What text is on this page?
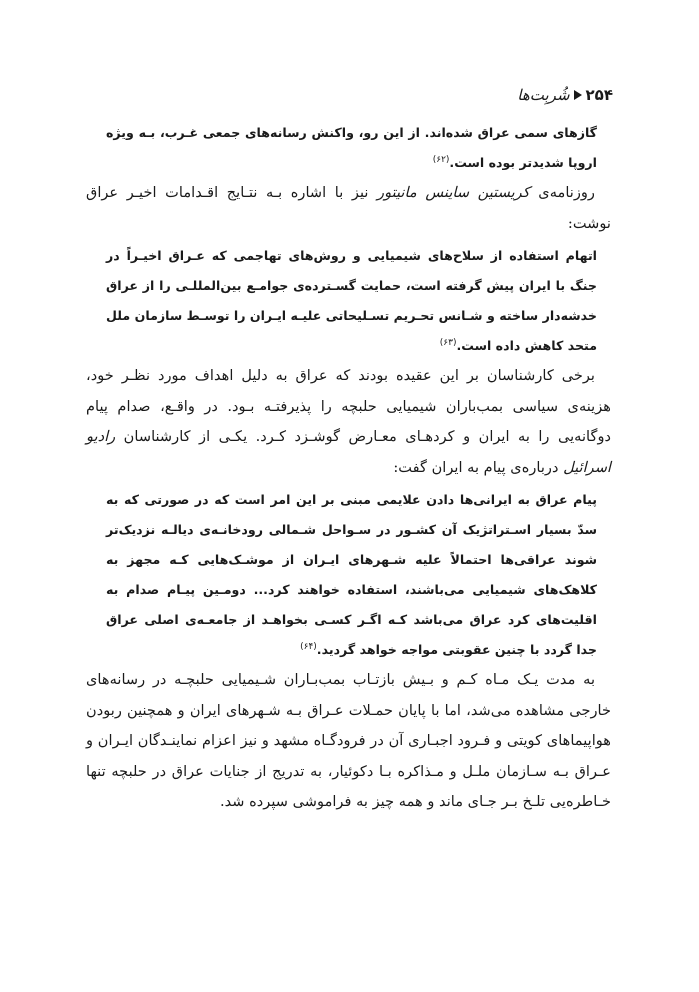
۲۵۴
شُربِت‌ها

گازهای سمی عراق شده‌اند. از این رو، واکنش رسانه‌های جمعی غـرب، بـه ویژه اروپا شدیدتر بوده است.$^{(۶۲)}$

روزنامه‌ی کریستین ساینس مانیتور نیز با اشاره بـه نتـایج اقـدامات اخیـر عراق نوشت:

اتهام استفاده از سلاح‌های شیمیایی و روش‌های تهاجمی که عـراق اخیـراً در جنگ با ایران پیش گرفته است، حمایت گسـترده‌ی جوامـع بین‌المللـی را از عراق خدشه‌دار ساخته و شـانس تحـریم تسـلیحاتی علیـه ایـران را توسـط سازمان ملل متحد کاهش داده است.$^{(۶۳)}$

برخی کارشناسان بر این عقیده بودند که عراق به دلیل اهداف مورد نظـر خود، هزینه‌ی سیاسی بمب‌باران شیمیایی حلبچه را پذیرفتـه بـود. در واقـع، صدام پیام دوگانه‌یی را به ایران و کردهـای معـارض گوشـزد کـرد. یکـی از کارشناسان رادیو اسرائیل درباره‌ی پیام به ایران گفت:

پیام عراق به ایرانی‌ها دادن علایمی مبنی بر این امر است که در صورتی که به سدّ بسیار اسـتراتژیک آن کشـور در سـواحل شـمالی رودخانـه‌ی دیالـه نزدیک‌تر شوند عراقی‌ها احتمالاً علیه شـهرهای ایـران از موشـک‌هایی کـه مجهز به کلاهک‌های شیمیایی می‌باشند، استفاده خواهند کرد... دومـین پیـام صدام به اقلیت‌های کرد عراق می‌باشد کـه اگـر کسـی بخواهـد از جامعـه‌ی اصلی عراق جدا گردد با چنین عقوبتی مواجه خواهد گردید.$^{(۶۴)}$

به مدت یـک مـاه کـم و بـیش بازتـاب بمب‌بـاران شـیمیایی حلبچـه در رسانه‌های خارجی مشاهده می‌شد، اما با پایان حمـلات عـراق بـه شـهرهای ایران و همچنین ربودن هواپیماهای کویتی و فـرود اجبـاری آن در فرودگـاه مشهد و نیز اعزام نماینـدگان ایـران و عـراق بـه سـازمان ملـل و مـذاکره بـا دکوئیار، به تدریج از جنایات عراق در حلبچه تنها خـاطره‌یی تلـخ بـر جـای ماند و همه چیز به فراموشی سپرده شد.
